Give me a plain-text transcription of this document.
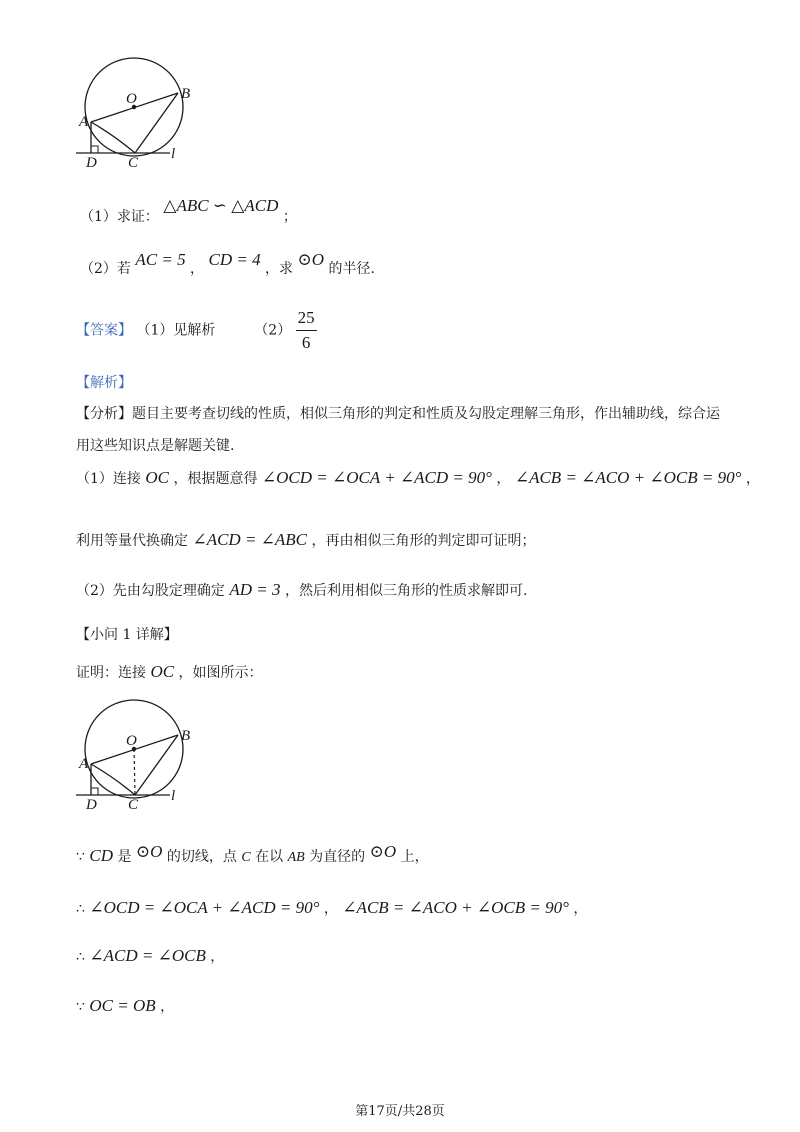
O
A
B
C
D
l
（1）求证： △ABC ∽ △ACD ；
（2）若 AC = 5 ， CD = 4 ，求 ⊙O 的半径.
【答案】 （1）见解析	$(2) \frac{25}{6}$
【解析】
【分析】题目主要考查切线的性质，相似三角形的判定和性质及勾股定理解三角形，作出辅助线，综合运
用这些知识点是解题关键.
（1）连接 OC ，根据题意得 ∠OCD = ∠OCA + ∠ACD = 90° ， ∠ACB = ∠ACO + ∠OCB = 90° ，
利用等量代换确定 ∠ACD = ∠ABC ，再由相似三角形的判定即可证明；
（2）先由勾股定理确定 AD = 3 ，然后利用相似三角形的性质求解即可.
【小问 1 详解】
证明：连接 OC ，如图所示：
O
A
B
C
D
l
∵ CD 是 ⊙O 的切线，点 C 在以 AB 为直径的 ⊙O 上，
∴ ∠OCD = ∠OCA + ∠ACD = 90° ， ∠ACB = ∠ACO + ∠OCB = 90° ，
∴ ∠ACD = ∠OCB ，
∵ OC = OB ，
第17页/共28页
